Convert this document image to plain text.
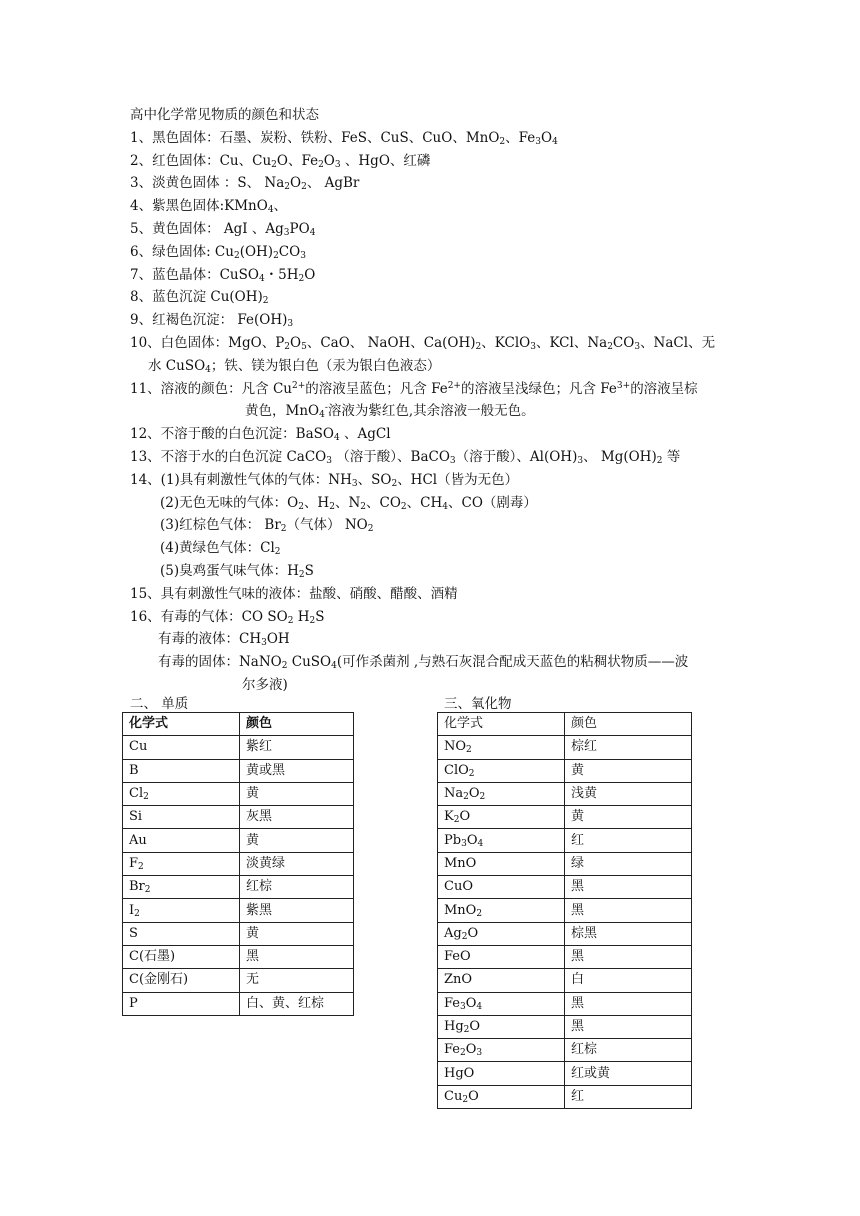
高中化学常见物质的颜色和状态
1、黑色固体：石墨、炭粉、铁粉、FeS、CuS、CuO、MnO$_2$、$Fe_3O_4$
2、红色固体：Cu、$Cu_2O$、$Fe_2O_3$ 、HgO、红磷
3、淡黄色固体 ：S、 $Na_2O_2$、 AgBr
4、紫黑色固体:KMnO$_4$、
5、黄色固体： AgI 、$Ag_3PO_4$
6、绿色固体: $Cu_2(OH)_2CO_3$
7、蓝色晶体：CuSO$_4$・$5H_2O$
8、蓝色沉淀 $Cu(OH)_2$
9、红褐色沉淀： $Fe(OH)_3$
10、白色固体：MgO、$P_2O_5$、CaO、 NaOH、$Ca(OH)_2$、KClO$_3$、KCl、$Na_2CO_3$、NaCl、无
水 CuSO$_4$；铁、镁为银白色（汞为银白色液态）
11、溶液的颜色：凡含 $Cu^{2+}$的溶液呈蓝色；凡含 $Fe^{2+}$的溶液呈浅绿色；凡含 $Fe^{3+}$的溶液呈棕
黄色，MnO$_4$-溶液为紫红色,其余溶液一般无色。
12、不溶于酸的白色沉淀：BaSO$_4$ 、AgCl
13、不溶于水的白色沉淀 CaCO$_3$ （溶于酸）、BaCO$_3$（溶于酸）、$Al(OH)_3$、 $Mg(OH)_2$ 等
14、(1)具有刺激性气体的气体：$NH_3$、$SO_2$、HCl（皆为无色）
(2)无色无味的气体：$O_2$、$H_2$、$N_2$、$CO_2$、$CH_4$、CO（剧毒）
(3)红棕色气体： $Br_2$（气体） $NO_2$
(4)黄绿色气体：$Cl_2$
(5)臭鸡蛋气味气体：$H_2S$
15、具有刺激性气味的液体：盐酸、硝酸、醋酸、酒精
16、有毒的气体：CO $SO_2$ $H_2S$
有毒的液体：$CH_3OH$
有毒的固体：NaNO$_2$ CuSO$_4$(可作杀菌剂 ,与熟石灰混合配成天蓝色的粘稠状物质——波
尔多液)
二、 单质
化学式	颜色
Cu	紫红
B	黄或黑
$Cl_2$	黄
Si	灰黑
Au	黄
$F_2$	淡黄绿
$Br_2$	红棕
$I_2$	紫黑
S	黄
C(石墨)	黑
C(金刚石)	无
P	白、黄、红棕
三、氧化物
化学式	颜色
$NO_2$	棕红
ClO$_2$	黄
$Na_2O_2$	浅黄
$K_2O$	黄
$Pb_3O_4$	红
MnO	绿
CuO	黑
MnO$_2$	黑
$Ag_2O$	棕黑
FeO	黑
ZnO	白
$Fe_3O_4$	黑
$Hg_2O$	黑
$Fe_2O_3$	红棕
HgO	红或黄
$Cu_2O$	红
